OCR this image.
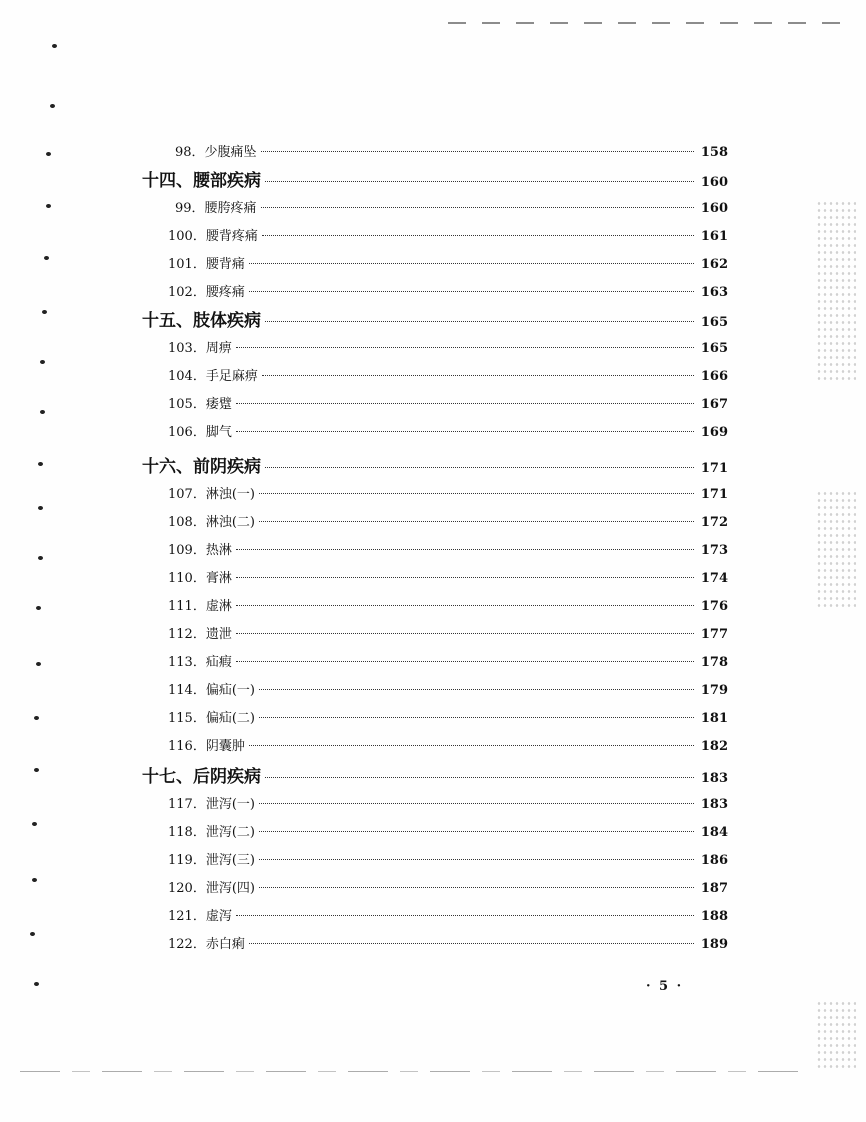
98．少腹痛坠	158
十四、腰部疾病	160
99．腰胯疼痛	160
100．腰背疼痛	161
101．腰背痛	162
102．腰疼痛	163
十五、肢体疾病	165
103．周痹	165
104．手足麻痹	166
105．痿躄	167
106．脚气	169
十六、前阴疾病	171
107．淋浊(一)	171
108．淋浊(二)	172
109．热淋	173
110．膏淋	174
111．虚淋	176
112．遗泄	177
113．疝瘕	178
114．偏疝(一)	179
115．偏疝(二)	181
116．阴囊肿	182
十七、后阴疾病	183
117．泄泻(一)	183
118．泄泻(二)	184
119．泄泻(三)	186
120．泄泻(四)	187
121．虚泻	188
122．赤白痢	189
· 5 ·
